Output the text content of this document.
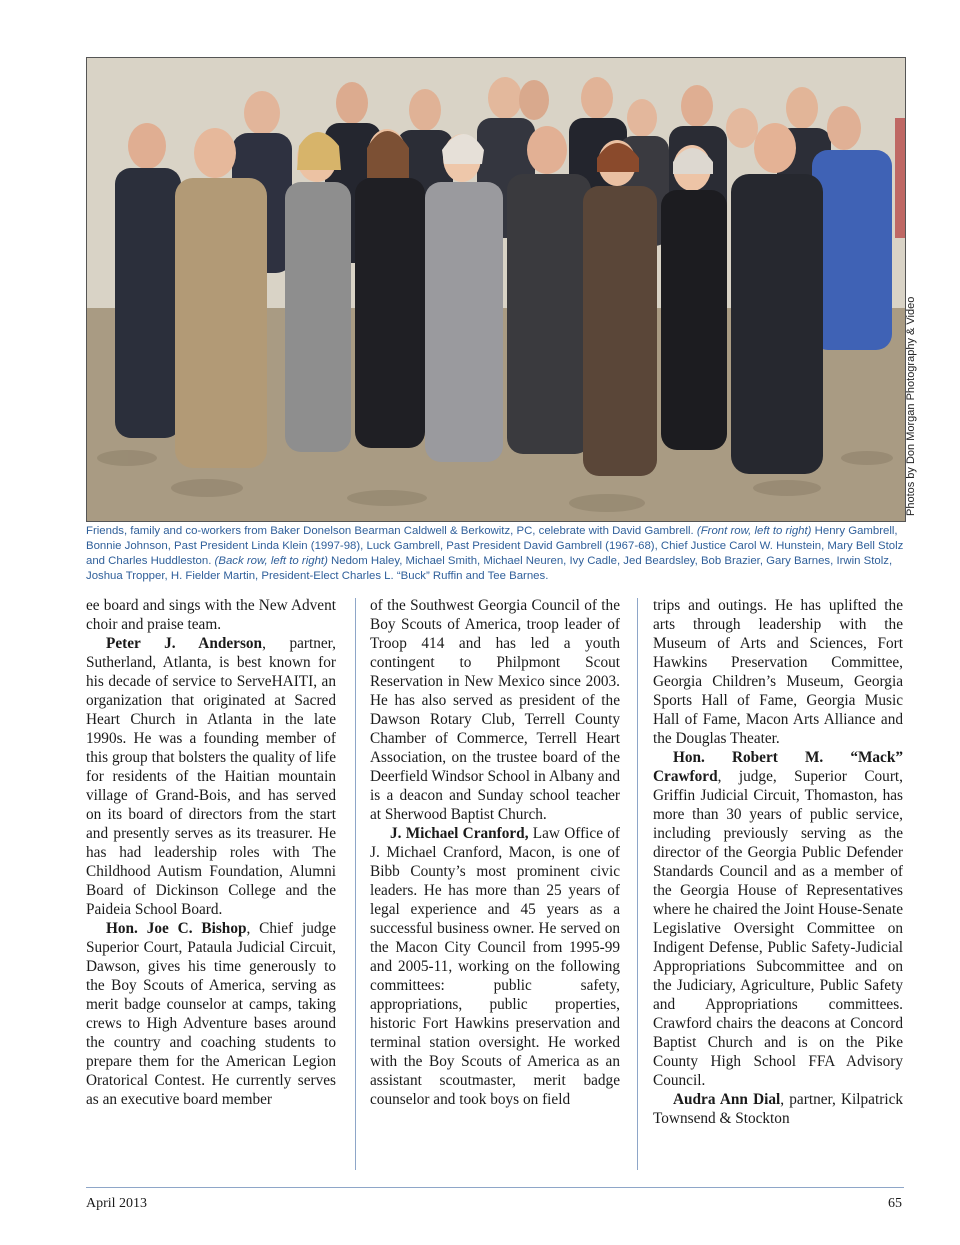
Photos by Don Morgan Photography & Video
Friends, family and co-workers from Baker Donelson Bearman Caldwell & Berkowitz, PC, celebrate with David Gambrell. (Front row, left to right) Henry Gambrell, Bonnie Johnson, Past President Linda Klein (1997-98), Luck Gambrell, Past President David Gambrell (1967-68), Chief Justice Carol W. Hunstein, Mary Bell Stolz and Charles Huddleston. (Back row, left to right) Nedom Haley, Michael Smith, Michael Neuren, Ivy Cadle, Jed Beardsley, Bob Brazier, Gary Barnes, Irwin Stolz, Joshua Tropper, H. Fielder Martin, President-Elect Charles L. “Buck” Ruffin and Tee Barnes.

ee board and sings with the New Advent choir and praise team.

Peter J. Anderson, partner, Sutherland, Atlanta, is best known for his decade of service to ServeHAITI, an organization that originated at Sacred Heart Church in Atlanta in the late 1990s. He was a founding member of this group that bolsters the quality of life for residents of the Haitian mountain village of Grand-Bois, and has served on its board of directors from the start and presently serves as its treasurer. He has had leadership roles with The Childhood Autism Foundation, Alumni Board of Dickinson College and the Paideia School Board.

Hon. Joe C. Bishop, Chief judge Superior Court, Pataula Judicial Circuit, Dawson, gives his time generously to the Boy Scouts of America, serving as merit badge counselor at camps, taking crews to High Adventure bases around the country and coaching students to prepare them for the American Legion Oratorical Contest. He currently serves as an executive board member

of the Southwest Georgia Council of the Boy Scouts of America, troop leader of Troop 414 and has led a youth contingent to Philpmont Scout Reservation in New Mexico since 2003. He has also served as president of the Dawson Rotary Club, Terrell County Chamber of Commerce, Terrell Heart Association, on the trustee board of the Deerfield Windsor School in Albany and is a deacon and Sunday school teacher at Sherwood Baptist Church.

J. Michael Cranford, Law Office of J. Michael Cranford, Macon, is one of Bibb County’s most prominent civic leaders. He has more than 25 years of legal experience and 45 years as a successful business owner. He served on the Macon City Council from 1995-99 and 2005-11, working on the following committees: public safety, appropriations, public properties, historic Fort Hawkins preservation and terminal station oversight. He worked with the Boy Scouts of America as an assistant scoutmaster, merit badge counselor and took boys on field

trips and outings. He has uplifted the arts through leadership with the Museum of Arts and Sciences, Fort Hawkins Preservation Committee, Georgia Children’s Museum, Georgia Sports Hall of Fame, Georgia Music Hall of Fame, Macon Arts Alliance and the Douglas Theater.

Hon. Robert M. “Mack” Crawford, judge, Superior Court, Griffin Judicial Circuit, Thomaston, has more than 30 years of public service, including previously serving as the director of the Georgia Public Defender Standards Council and as a member of the Georgia House of Representatives where he chaired the Joint House-Senate Legislative Oversight Committee on Indigent Defense, Public Safety-Judicial Appropriations Subcommittee and on the Judiciary, Agriculture, Public Safety and Appropriations committees. Crawford chairs the deacons at Concord Baptist Church and is on the Pike County High School FFA Advisory Council.

Audra Ann Dial, partner, Kilpatrick Townsend & Stockton

April 2013	65
